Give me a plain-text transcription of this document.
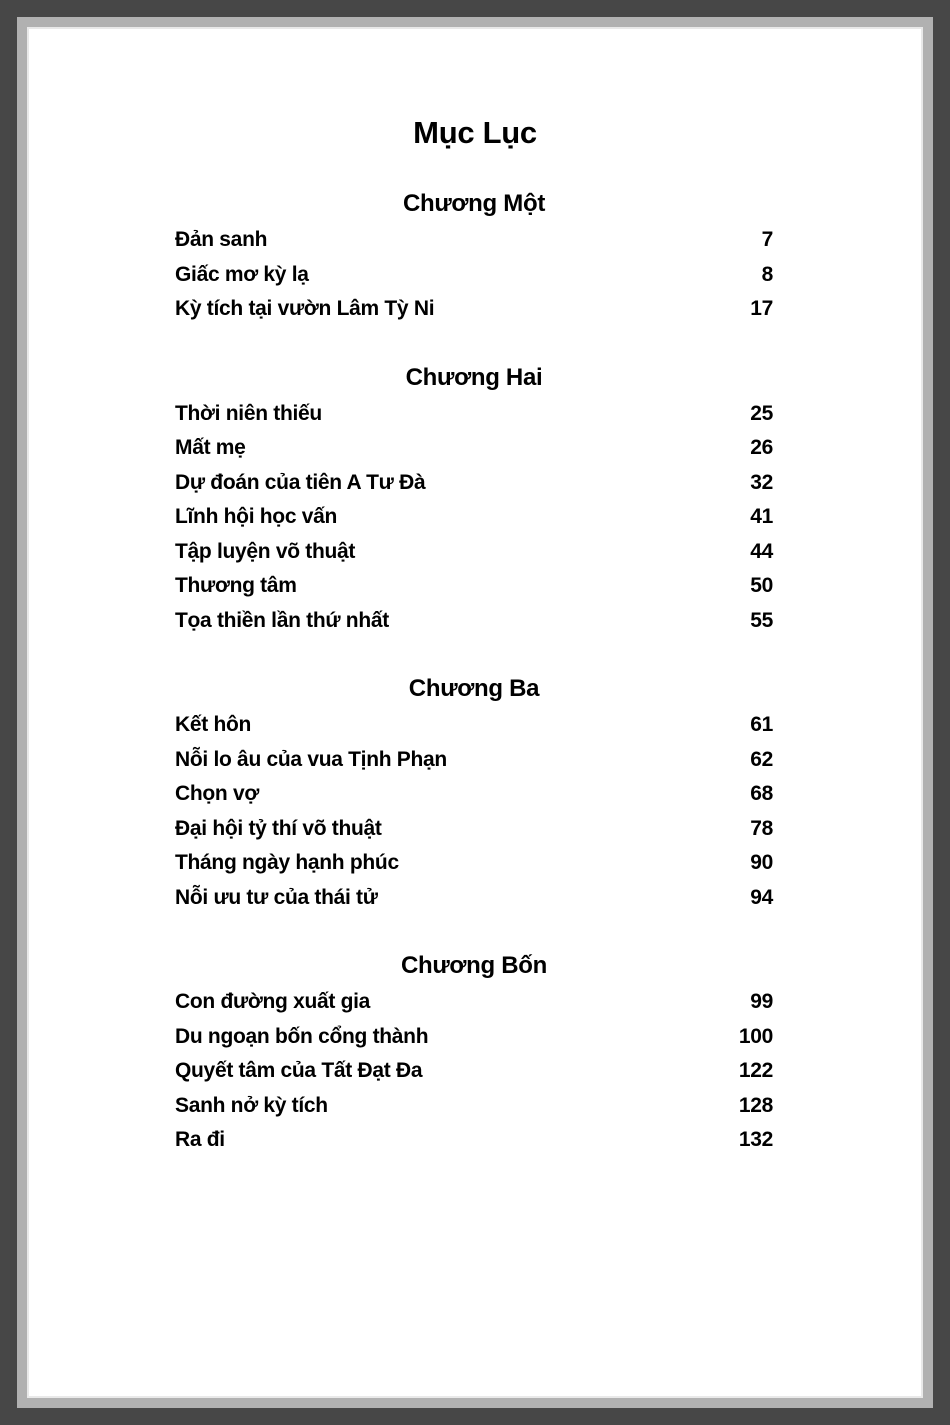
Mục Lục
Chương Một
Đản sanh	7
Giấc mơ kỳ lạ	8
Kỳ tích tại vườn Lâm Tỳ Ni	17
Chương Hai
Thời niên thiếu	25
Mất mẹ	26
Dự đoán của tiên A Tư Đà	32
Lĩnh hội học vấn	41
Tập luyện võ thuật	44
Thương tâm	50
Tọa thiền lần thứ nhất	55
Chương Ba
Kết hôn	61
Nỗi lo âu của vua Tịnh Phạn	62
Chọn vợ	68
Đại hội tỷ thí võ thuật	78
Tháng ngày hạnh phúc	90
Nỗi ưu tư của thái tử	94
Chương Bốn
Con đường xuất gia	99
Du ngoạn bốn cổng thành	100
Quyết tâm của Tất Đạt Đa	122
Sanh nở kỳ tích	128
Ra đi	132
